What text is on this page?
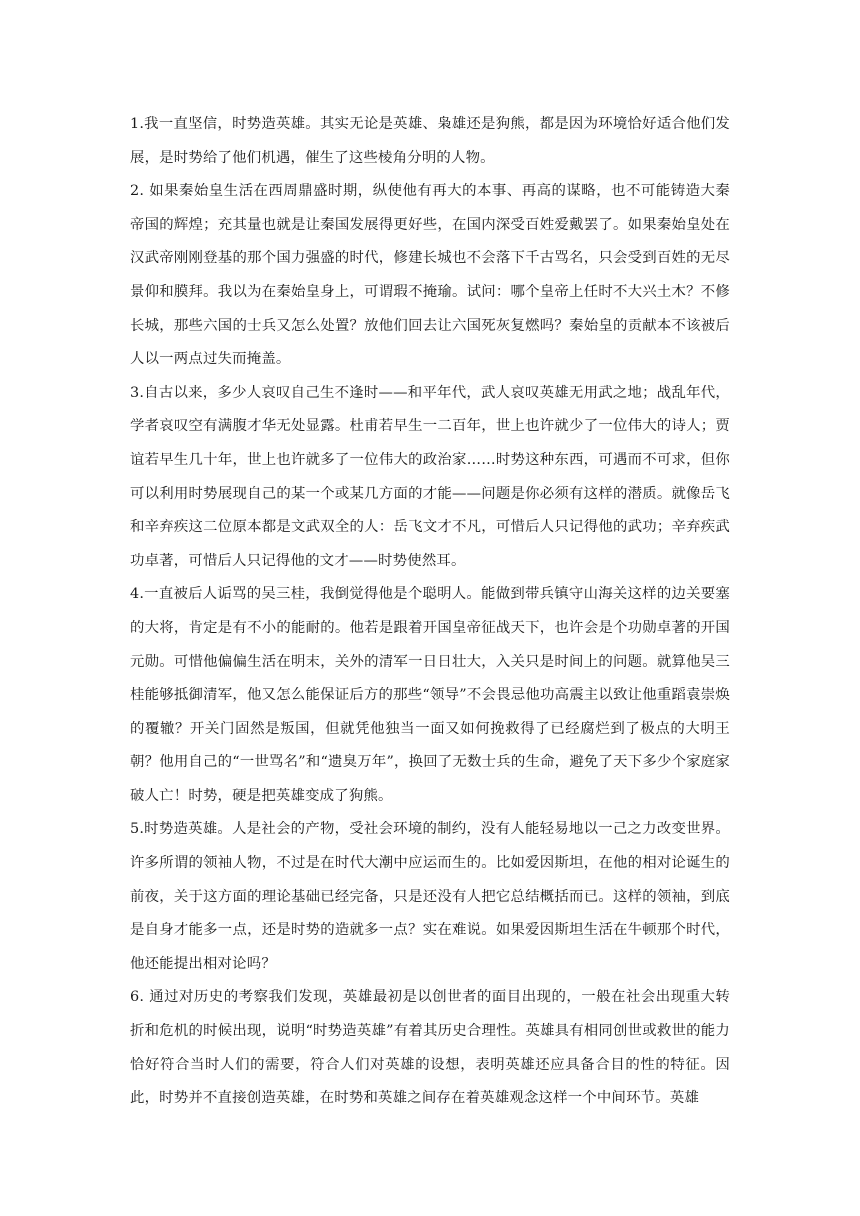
1.我一直坚信，时势造英雄。其实无论是英雄、枭雄还是狗熊，都是因为环境恰好适合他们发展，是时势给了他们机遇，催生了这些棱角分明的人物。

2. 如果秦始皇生活在西周鼎盛时期，纵使他有再大的本事、再高的谋略，也不可能铸造大秦帝国的辉煌；充其量也就是让秦国发展得更好些，在国内深受百姓爱戴罢了。如果秦始皇处在汉武帝刚刚登基的那个国力强盛的时代，修建长城也不会落下千古骂名，只会受到百姓的无尽景仰和膜拜。我以为在秦始皇身上，可谓瑕不掩瑜。试问：哪个皇帝上任时不大兴土木？不修长城，那些六国的士兵又怎么处置？放他们回去让六国死灰复燃吗？秦始皇的贡献本不该被后人以一两点过失而掩盖。

3.自古以来，多少人哀叹自己生不逢时——和平年代，武人哀叹英雄无用武之地；战乱年代，学者哀叹空有满腹才华无处显露。杜甫若早生一二百年，世上也许就少了一位伟大的诗人；贾谊若早生几十年，世上也许就多了一位伟大的政治家……时势这种东西，可遇而不可求，但你可以利用时势展现自己的某一个或某几方面的才能——问题是你必须有这样的潜质。就像岳飞和辛弃疾这二位原本都是文武双全的人：岳飞文才不凡，可惜后人只记得他的武功；辛弃疾武功卓著，可惜后人只记得他的文才——时势使然耳。

4.一直被后人诟骂的吴三桂，我倒觉得他是个聪明人。能做到带兵镇守山海关这样的边关要塞的大将，肯定是有不小的能耐的。他若是跟着开国皇帝征战天下，也许会是个功勋卓著的开国元勋。可惜他偏偏生活在明末，关外的清军一日日壮大，入关只是时间上的问题。就算他吴三桂能够抵御清军，他又怎么能保证后方的那些“领导”不会畏忌他功高震主以致让他重蹈袁崇焕的覆辙？开关门固然是叛国，但就凭他独当一面又如何挽救得了已经腐烂到了极点的大明王朝？他用自己的“一世骂名”和“遗臭万年”，换回了无数士兵的生命，避免了天下多少个家庭家破人亡！时势，硬是把英雄变成了狗熊。

5.时势造英雄。人是社会的产物，受社会环境的制约，没有人能轻易地以一己之力改变世界。许多所谓的领袖人物，不过是在时代大潮中应运而生的。比如爱因斯坦，在他的相对论诞生的前夜，关于这方面的理论基础已经完备，只是还没有人把它总结概括而已。这样的领袖，到底是自身才能多一点，还是时势的造就多一点？实在难说。如果爱因斯坦生活在牛顿那个时代，他还能提出相对论吗？

6. 通过对历史的考察我们发现，英雄最初是以创世者的面目出现的，一般在社会出现重大转折和危机的时候出现，说明“时势造英雄”有着其历史合理性。英雄具有相同创世或救世的能力恰好符合当时人们的需要，符合人们对英雄的设想，表明英雄还应具备合目的性的特征。因此，时势并不直接创造英雄，在时势和英雄之间存在着英雄观念这样一个中间环节。英雄
